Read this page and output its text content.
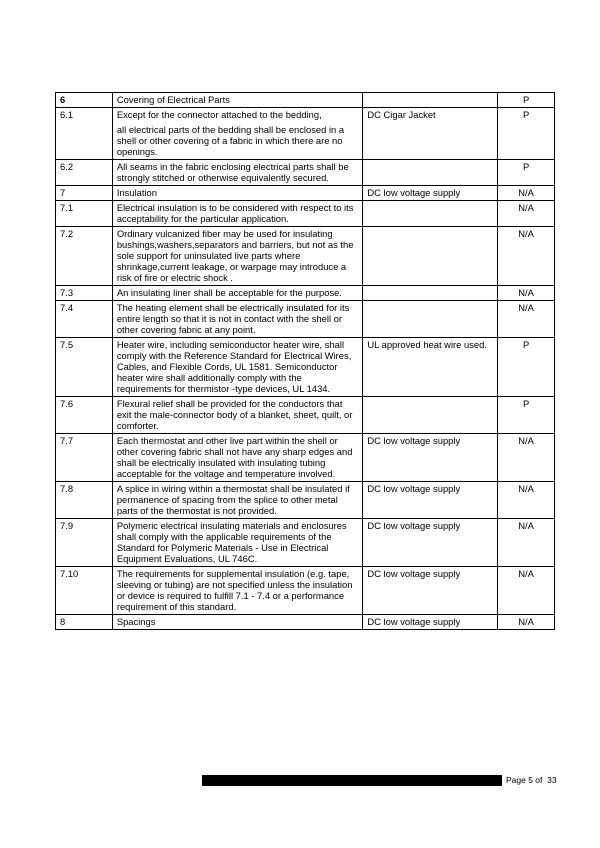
6	Covering of Electrical Parts		P
6.1	Except for the connector attached to the bedding,

all electrical parts of the bedding shall be enclosed in a shell or other covering of a fabric in which there are no openings.	DC Cigar Jacket	P
6.2	All seams in the fabric enclosing electrical parts shall be strongly stitched or otherwise equivalently secured.		P
7	Insulation	DC low voltage supply	N/A
7.1	Electrical insulation is to be considered with respect to its acceptability for the particular application.		N/A
7.2	Ordinary vulcanized fiber may be used for insulating bushings,washers,separators and barriers, but not as the sole support for uninsulated live parts where shrinkage,current leakage, or warpage may introduce a risk of fire or electric shock .		N/A
7.3	An insulating liner shall be acceptable for the purpose.		N/A
7.4	The heating element shall be electrically insulated for its entire length so that it is not in contact with the shell or other covering fabric at any point.		N/A
7.5	Heater wire, including semiconductor heater wire, shall comply with the Reference Standard for Electrical Wires, Cables, and Flexible Cords, UL 1581. Semiconductor heater wire shall additionally comply with the requirements for thermistor -type devices, UL 1434.	UL approved heat wire used.	P
7.6	Flexural relief shall be provided for the conductors that exit the male-connector body of a blanket, sheet, quilt, or comforter.		P
7.7	Each thermostat and other live part within the shell or other covering fabric shall not have any sharp edges and shall be electrically insulated with insulating tubing acceptable for the voltage and temperature involved.	DC low voltage supply	N/A
7.8	A splice in wiring within a thermostat shall be insulated if permanence of spacing from the splice to other metal parts of the thermostat is not provided.	DC low voltage supply	N/A
7.9	Polymeric electrical insulating materials and enclosures shall comply with the applicable requirements of the Standard for Polymeric Materials - Use in Electrical Equipment Evaluations, UL 746C.	DC low voltage supply	N/A
7.10	The requirements for supplemental insulation (e.g. tape, sleeving or tubing) are not specified unless the insulation or device is required to fulfill 7.1 - 7.4 or a performance requirement of this standard.	DC low voltage supply	N/A
8	Spacings	DC low voltage supply	N/A
Page 5 of  33
